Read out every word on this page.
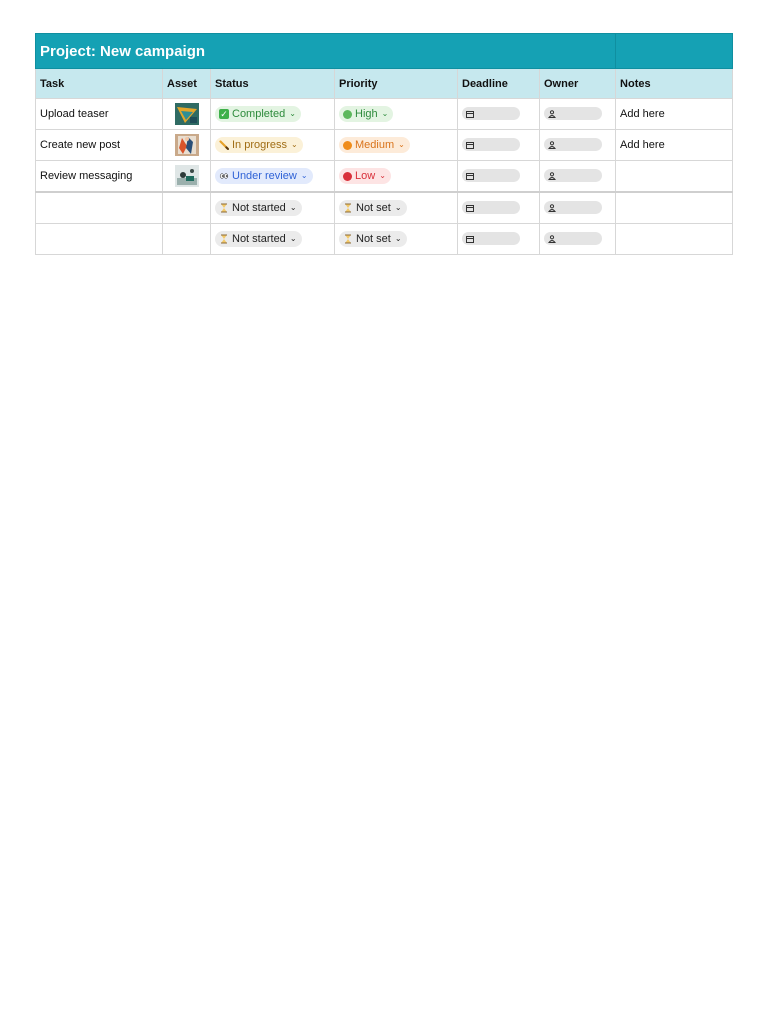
Project: New campaign						
Task	Asset	Status	Priority	Deadline	Owner	Notes
Upload teaser		✓ Completed ⌄	High ⌄			Add here
Create new post		In progress ⌄	Medium ⌄			Add here
Review messaging		Under review ⌄	Low ⌄

		Not started ⌄	Not set ⌄

		Not started ⌄	Not set ⌄
